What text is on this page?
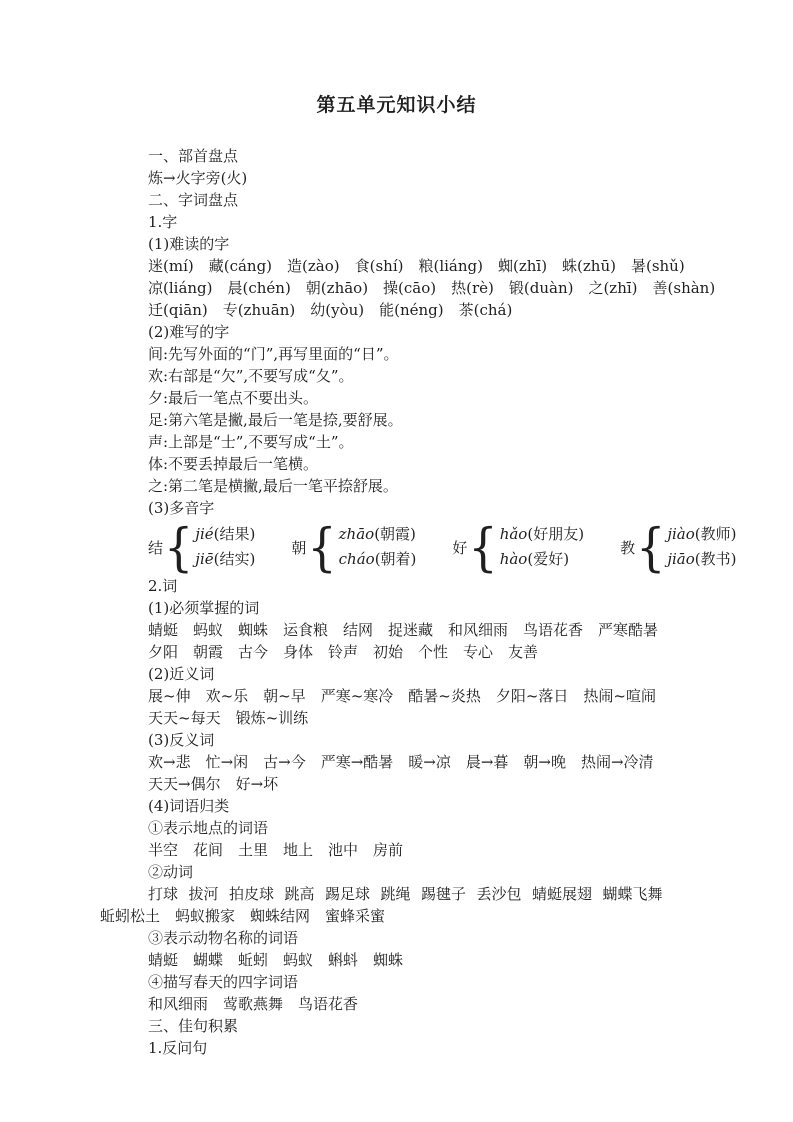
第五单元知识小结
一、部首盘点
炼→火字旁(火)
二、字词盘点
1.字
(1)难读的字
迷(mí)　藏(cáng)　造(zào)　食(shí)　粮(liáng)　蜘(zhī)　蛛(zhū)　暑(shǔ)
凉(liáng)　晨(chén)　朝(zhāo)　操(cāo)　热(rè)　锻(duàn)　之(zhī)　善(shàn)
迁(qiān)　专(zhuān)　幼(yòu)　能(néng)　茶(chá)
(2)难写的字
间:先写外面的“门”,再写里面的“日”。
欢:右部是“欠”,不要写成“夂”。
夕:最后一笔点不要出头。
足:第六笔是撇,最后一笔是捺,要舒展。
声:上部是“士”,不要写成“土”。
体:不要丢掉最后一笔横。
之:第二笔是横撇,最后一笔平捺舒展。
(3)多音字
结 { jié(结果)
jiē(结实)
朝 { zhāo(朝霞)
cháo(朝着)
好 { hǎo(好朋友)
hào(爱好)
教 { jiào(教师)
jiāo(教书)
2.词
(1)必须掌握的词
蜻蜓　蚂蚁　蜘蛛　运食粮　结网　捉迷藏　和风细雨　鸟语花香　严寒酷暑
夕阳　朝霞　古今　身体　铃声　初始　个性　专心　友善
(2)近义词
展~伸　欢~乐　朝~早　严寒~寒冷　酷暑~炎热　夕阳~落日　热闹~喧闹
天天~每天　锻炼~训练
(3)反义词
欢→悲　忙→闲　古→今　严寒→酷暑　暖→凉　晨→暮　朝→晚　热闹→冷清
天天→偶尔　好→坏
(4)词语归类
①表示地点的词语
半空　花间　土里　地上　池中　房前
②动词
打球  拔河  拍皮球  跳高  踢足球  跳绳  踢毽子  丢沙包  蜻蜓展翅  蝴蝶飞舞
蚯蚓松土　蚂蚁搬家　蜘蛛结网　蜜蜂采蜜
③表示动物名称的词语
蜻蜓　蝴蝶　蚯蚓　蚂蚁　蝌蚪　蜘蛛
④描写春天的四字词语
和风细雨　莺歌燕舞　鸟语花香
三、佳句积累
1.反问句
